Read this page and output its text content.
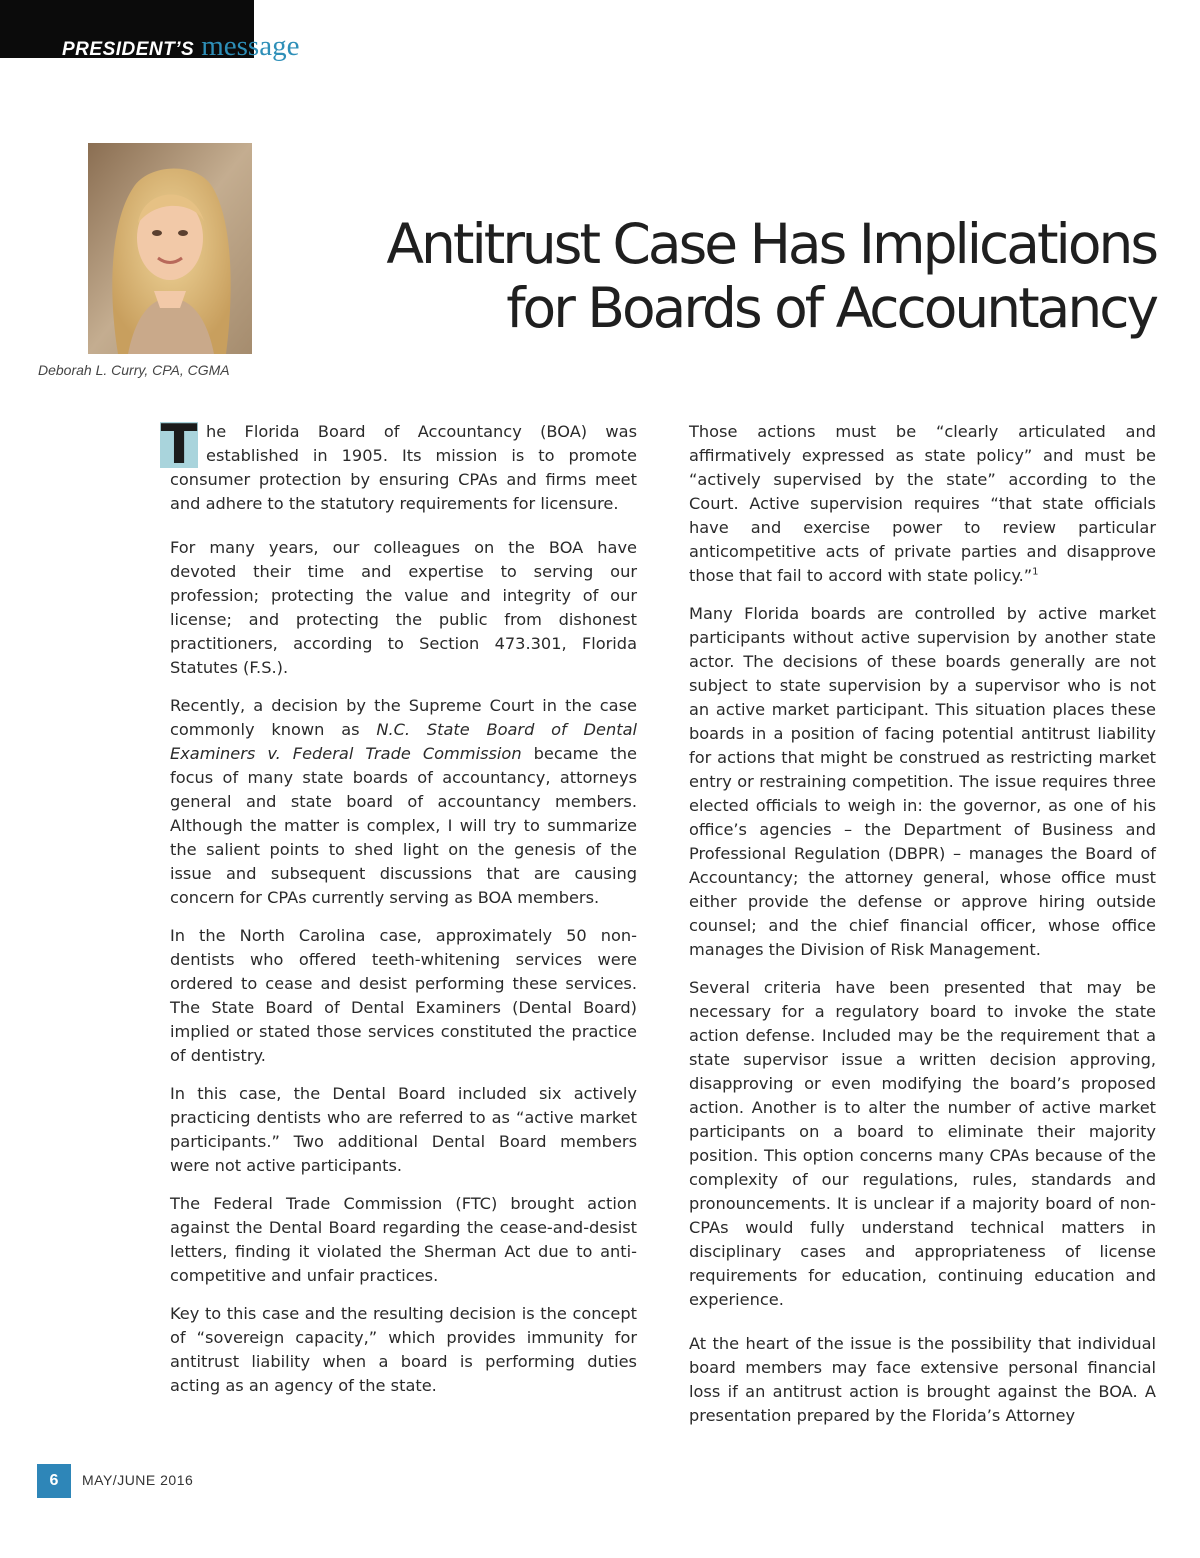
PRESIDENT’S message
Deborah L. Curry, CPA, CGMA
Antitrust Case Has Implications
for Boards of Accountancy

T he Florida Board of Accountancy (BOA) was established in 1905. Its mission is to promote consumer protection by ensuring CPAs and firms meet and adhere to the statutory requirements for licensure.

For many years, our colleagues on the BOA have devoted their time and expertise to serving our profession; protecting the value and integrity of our license; and protecting the public from dishonest practitioners, according to Section 473.301, Florida Statutes (F.S.).

Recently, a decision by the Supreme Court in the case commonly known as N.C. State Board of Dental Examiners v. Federal Trade Commission became the focus of many state boards of accountancy, attorneys general and state board of accountancy members. Although the matter is complex, I will try to summarize the salient points to shed light on the genesis of the issue and subsequent discussions that are causing concern for CPAs currently serving as BOA members.

In the North Carolina case, approximately 50 non-dentists who offered teeth-whitening services were ordered to cease and desist performing these services. The State Board of Dental Examiners (Dental Board) implied or stated those services constituted the practice of dentistry.

In this case, the Dental Board included six actively practicing dentists who are referred to as “active market participants.” Two additional Dental Board members were not active participants.

The Federal Trade Commission (FTC) brought action against the Dental Board regarding the cease-and-desist letters, finding it violated the Sherman Act due to anti-competitive and unfair practices.

Key to this case and the resulting decision is the concept of “sovereign capacity,” which provides immunity for antitrust liability when a board is performing duties acting as an agency of the state.

Those actions must be “clearly articulated and affirmatively expressed as state policy” and must be “actively supervised by the state” according to the Court. Active supervision requires “that state officials have and exercise power to review particular anticompetitive acts of private parties and disapprove those that fail to accord with state policy.”$^1$

Many Florida boards are controlled by active market participants without active supervision by another state actor. The decisions of these boards generally are not subject to state supervision by a supervisor who is not an active market participant. This situation places these boards in a position of facing potential antitrust liability for actions that might be construed as restricting market entry or restraining competition. The issue requires three elected officials to weigh in: the governor, as one of his office’s agencies – the Department of Business and Professional Regulation (DBPR) – manages the Board of Accountancy; the attorney general, whose office must either provide the defense or approve hiring outside counsel; and the chief financial officer, whose office manages the Division of Risk Management.

Several criteria have been presented that may be necessary for a regulatory board to invoke the state action defense. Included may be the requirement that a state supervisor issue a written decision approving, disapproving or even modifying the board’s proposed action. Another is to alter the number of active market participants on a board to eliminate their majority position. This option concerns many CPAs because of the complexity of our regulations, rules, standards and pronouncements. It is unclear if a majority board of non-CPAs would fully understand technical matters in disciplinary cases and appropriateness of license requirements for education, continuing education and experience.

At the heart of the issue is the possibility that individual board members may face extensive personal financial loss if an antitrust action is brought against the BOA. A presentation prepared by the Florida’s Attorney

6	MAY/JUNE 2016
